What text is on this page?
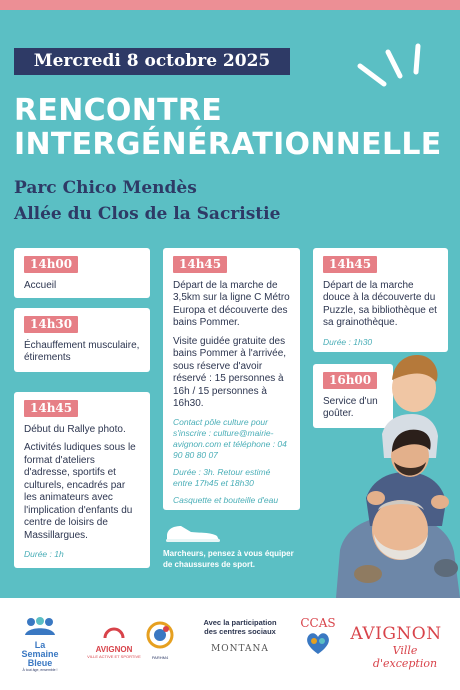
Mercredi 8 octobre 2025
RENCONTRE
INTERGÉNÉRATIONNELLE
Parc Chico Mendès
Allée du Clos de la Sacristie
14h00

Accueil

14h30

Échauffement musculaire, étirements

14h45

Début du Rallye photo.

Activités ludiques sous le format d'ateliers d'adresse, sportifs et culturels, encadrés par les animateurs avec l'implication d'enfants du centre de loisirs de Massillargues.

Durée : 1h
14h45

Départ de la marche de 3,5km sur la ligne C Métro Europa et découverte des bains Pommer.

Visite guidée gratuite des bains Pommer à l'arrivée, sous réserve d'avoir réservé : 15 personnes à 16h / 15 personnes à 16h30.

Contact pôle culture pour s'inscrire : culture@mairie-avignon.com et téléphone : 04 90 80 80 07

Durée : 3h. Retour estimé entre 17h45 et 18h30

Casquette et bouteille d'eau
Marcheurs, pensez à vous équiper de chaussures de sport.
14h45

Départ de la marche douce à la découverte du Puzzle, sa bibliothèque et sa grainothèque.

Durée : 1h30
16h00

Service d'un goûter.

La
Semaine
Bleue
À tout âge, ensemble !
AVIGNON
VILLE ACTIVE ET SPORTIVE	PARHM4
Avec la participation des centres sociaux
MONTANA
CCAS
AVIGNON
Ville d'exception
